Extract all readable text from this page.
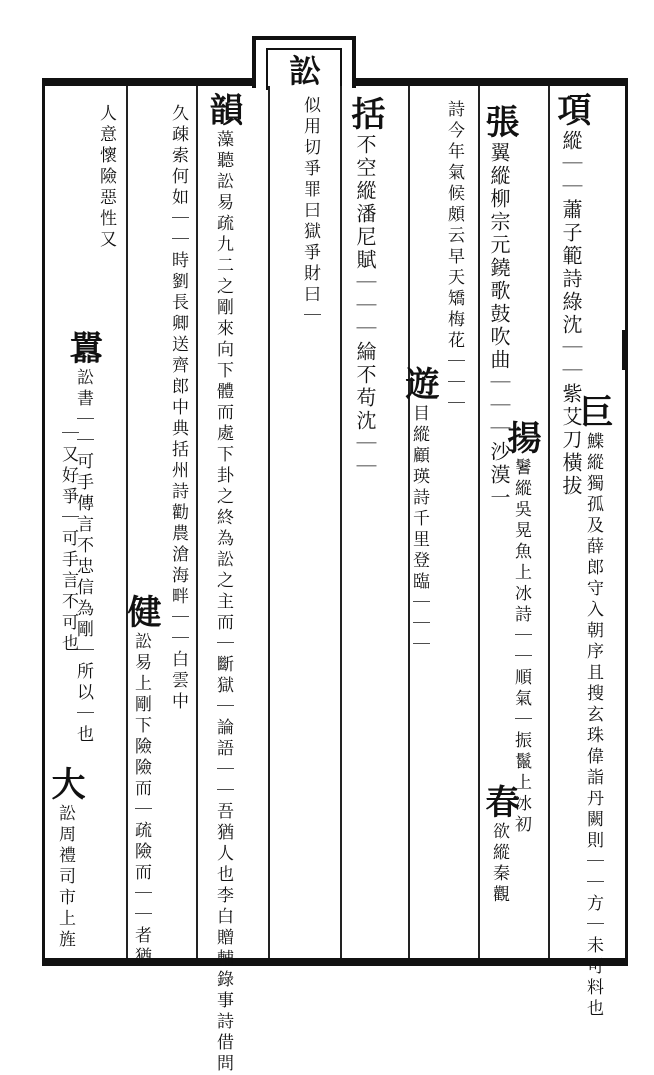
訟
項縱｜｜蕭子範詩綠沈｜｜紫艾刀橫拔
巨鰈縱獨孤及薛郎守入朝序且搜玄珠偉詣丹闕則｜｜方｜未可料也
張翼縱柳宗元鐃歌鼓吹曲｜｜｜沙漠一
揚鬐縱吳晃魚上冰詩｜｜順氣｜振鬣上冰初
春欲縱秦觀
詩今年氣候頗云早天矯梅花｜｜｜
遊目縱顧瑛詩千里登臨｜｜｜
括不空縱潘尼賦｜｜｜綸不苟沈｜｜
似用切爭罪曰獄爭財曰｜
韻藻聽訟易疏九二之剛來向下體而處下卦之終為訟之主而｜斷獄｜論語｜｜吾猶人也李白贈輔錄事詩借問
久疎索何如｜｜時劉長卿送齊郎中典括州詩勸農滄海畔｜｜白雲中
健訟易上剛下險險而｜疏險而｜｜者猶
人意懷險惡性又
囂訟書｜｜可手傳言不忠信為剛｜所以｜也
大訟周禮司市上旌
｜又好爭｜可手言不可也
